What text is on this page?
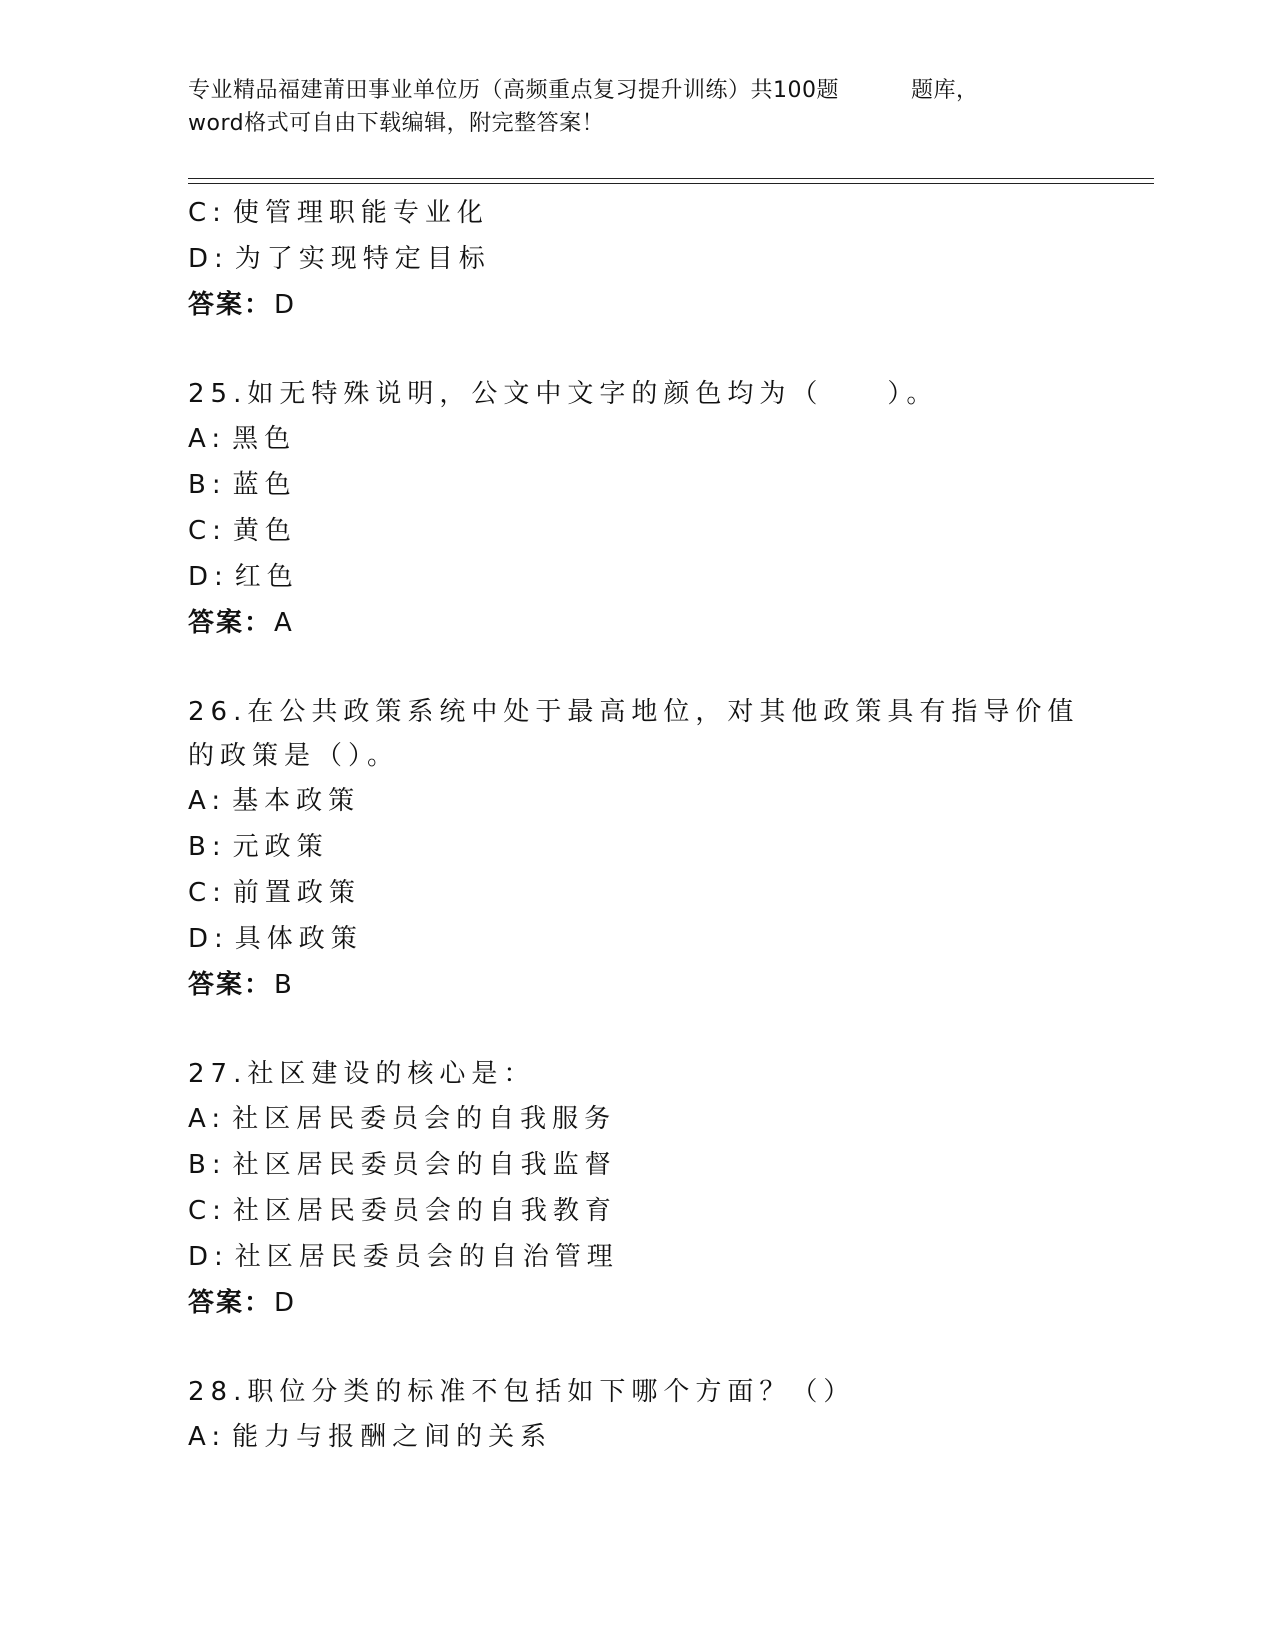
专业精品福建莆田事业单位历（高频重点复习提升训练）共100题	题库，
word格式可自由下载编辑，附完整答案！
C: 使管理职能专业化
D: 为了实现特定目标
答案：D
25.如无特殊说明，公文中文字的颜色均为（　　）。
A: 黑色
B: 蓝色
C: 黄色
D: 红色
答案：A
26.在公共政策系统中处于最高地位，对其他政策具有指导价值的政策是（）。
A: 基本政策
B: 元政策
C: 前置政策
D: 具体政策
答案：B
27.社区建设的核心是：
A: 社区居民委员会的自我服务
B: 社区居民委员会的自我监督
C: 社区居民委员会的自我教育
D: 社区居民委员会的自治管理
答案：D
28.职位分类的标准不包括如下哪个方面？（）
A: 能力与报酬之间的关系
